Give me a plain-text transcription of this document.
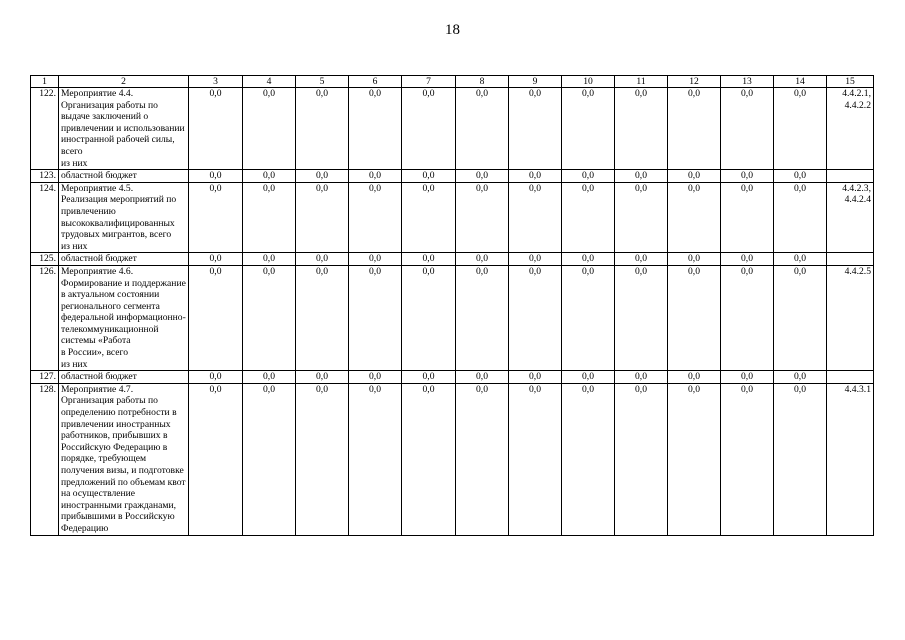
18
1	2	3	4	5	6	7	8	9	10	11	12	13	14	15
122.	Мероприятие 4.4.
Организация работы по выдаче заключений о привлечении и использовании иностранной рабочей силы, всего
из них	0,0	0,0	0,0	0,0	0,0	0,0	0,0	0,0	0,0	0,0	0,0	0,0	4.4.2.1,
4.4.2.2
123.	областной бюджет	0,0	0,0	0,0	0,0	0,0	0,0	0,0	0,0	0,0	0,0	0,0	0,0	
124.	Мероприятие 4.5.
Реализация мероприятий по привлечению высококвалифицированных трудовых мигрантов, всего
из них	0,0	0,0	0,0	0,0	0,0	0,0	0,0	0,0	0,0	0,0	0,0	0,0	4.4.2.3,
4.4.2.4
125.	областной бюджет	0,0	0,0	0,0	0,0	0,0	0,0	0,0	0,0	0,0	0,0	0,0	0,0	
126.	Мероприятие 4.6.
Формирование и поддержание в актуальном состоянии регионального сегмента федеральной информационно-телекоммуникационной системы «Работа
в России», всего
из них	0,0	0,0	0,0	0,0	0,0	0,0	0,0	0,0	0,0	0,0	0,0	0,0	4.4.2.5
127.	областной бюджет	0,0	0,0	0,0	0,0	0,0	0,0	0,0	0,0	0,0	0,0	0,0	0,0	
128.	Мероприятие 4.7.
Организация работы по определению потребности в привлечении иностранных работников, прибывших в Российскую Федерацию в порядке, требующем получения визы, и подготовке предложений по объемам квот на осуществление иностранными гражданами, прибывшими в Российскую Федерацию	0,0	0,0	0,0	0,0	0,0	0,0	0,0	0,0	0,0	0,0	0,0	0,0	4.4.3.1
